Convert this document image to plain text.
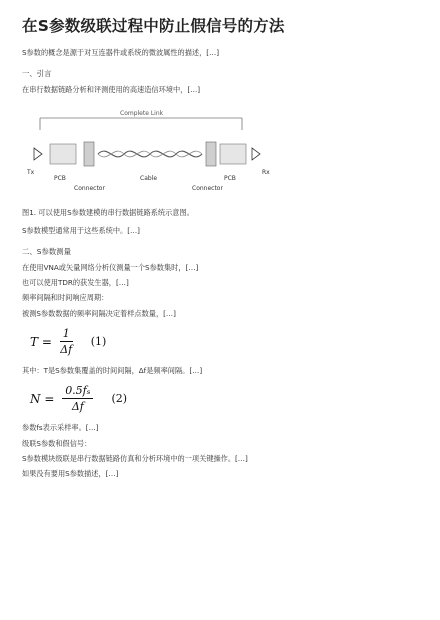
在S参数级联过程中防止假信号的方法

S参数的概念是源于对互连器件或系统的微波属性的描述，[…]

一、引言

在串行数据链路分析和评测使用的高速造信环境中，[…]

Complete Link
Tx	Rx
PCB
Connector
Cable
Connector
PCB
图1. 可以使用S参数建模的串行数据链路系统示意图。

S参数模型通常用于这些系统中。[…]

二、S参数测量

在使用VNA或矢量网络分析仪测量一个S参数集时，[…]

也可以使用TDR的获发生器，[…]

频率间隔和时间响应周期：

被测S参数数据的频率间隔决定着样点数量，[…]

$T = \frac{1}{\Delta f} (1)$

其中：T是S参数集覆盖的时间间隔，Δf是频率间隔。[…]

$N = \frac{\text{0.5fₛ}}{\Delta f} (2)$

参数fs表示采样率。[…]

级联S参数和假信号：

S参数模块级联是串行数据链路仿真和分析环境中的一项关键操作。[…]

如果没有要用S参数描述，[…]
